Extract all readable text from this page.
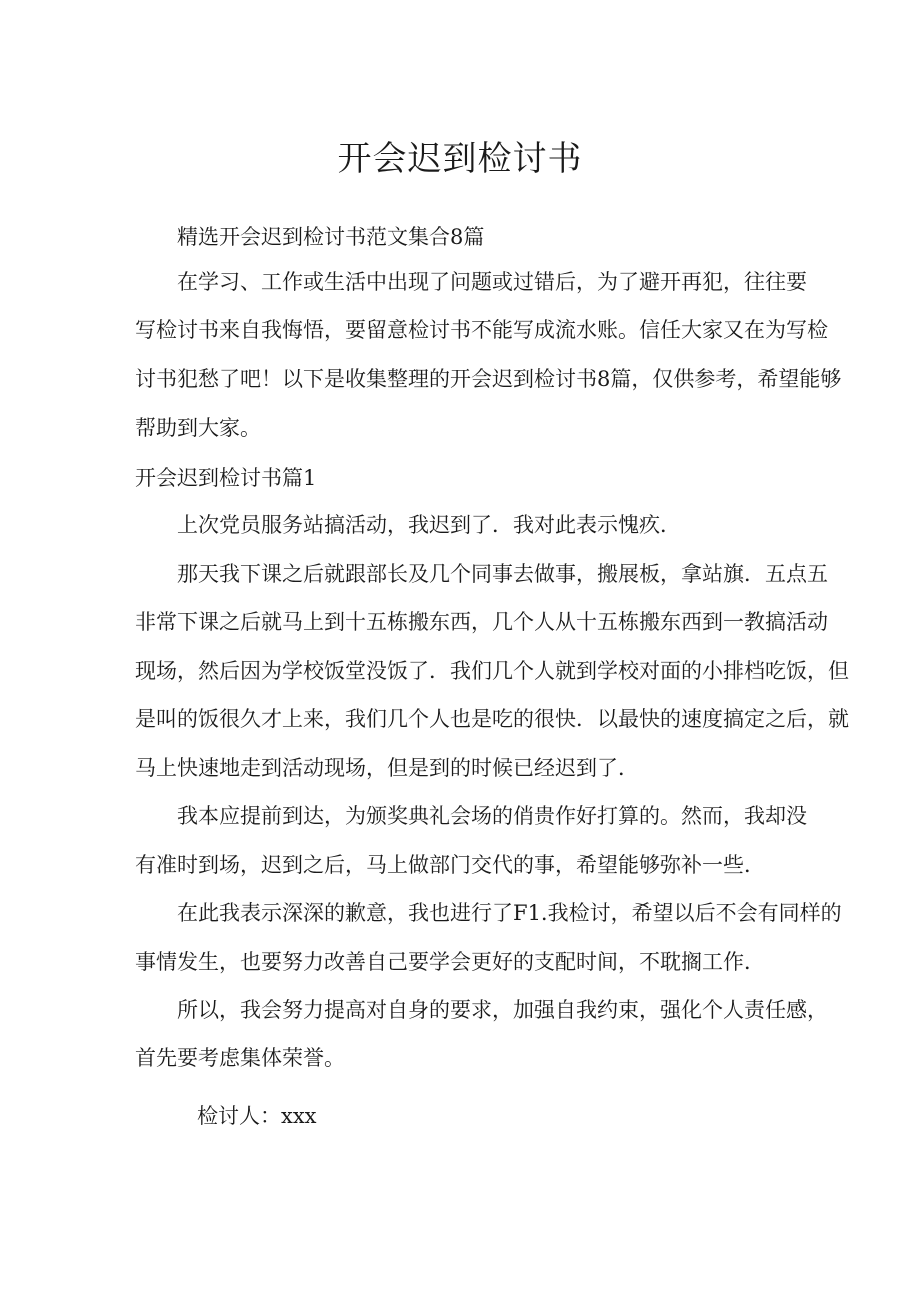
开会迟到检讨书
精选开会迟到检讨书范文集合8篇
在学习、工作或生活中出现了问题或过错后，为了避开再犯，往往要
写检讨书来自我悔悟，要留意检讨书不能写成流水账。信任大家又在为写检
讨书犯愁了吧！以下是收集整理的开会迟到检讨书8篇，仅供参考，希望能够
帮助到大家。
开会迟到检讨书篇1
上次党员服务站搞活动，我迟到了．我对此表示愧疚．
那天我下课之后就跟部长及几个同事去做事，搬展板，拿站旗．五点五
非常下课之后就马上到十五栋搬东西，几个人从十五栋搬东西到一教搞活动
现场，然后因为学校饭堂没饭了．我们几个人就到学校对面的小排档吃饭，但
是叫的饭很久才上来，我们几个人也是吃的很快．以最快的速度搞定之后，就
马上快速地走到活动现场，但是到的时候已经迟到了．
我本应提前到达，为颁奖典礼会场的俏贵作好打算的。然而，我却没
有准时到场，迟到之后，马上做部门交代的事，希望能够弥补一些．
在此我表示深深的歉意，我也进行了F1.我检讨，希望以后不会有同样的
事情发生，也要努力改善自己要学会更好的支配时间，不耽搁工作．
所以，我会努力提高对自身的要求，加强自我约束，强化个人责任感，
首先要考虑集体荣誉。
检讨人：xxx
